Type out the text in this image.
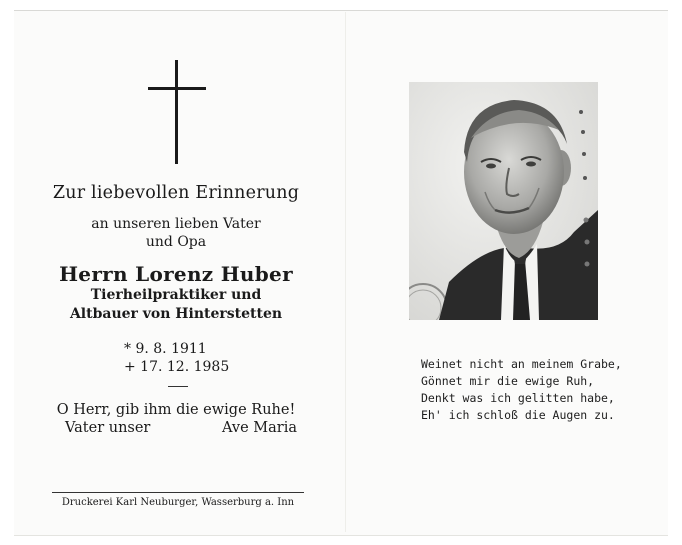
Zur liebevollen Erinnerung
an unseren lieben Vater
und Opa
Herrn Lorenz Huber
Tierheilpraktiker und
Altbauer von Hinterstetten
* 9. 8. 1911
+ 17. 12. 1985
O Herr, gib ihm die ewige Ruhe!
Vater unser	Ave Maria
Druckerei Karl Neuburger, Wasserburg a. Inn
Weinet nicht an meinem Grabe,
Gönnet mir die ewige Ruh,
Denkt was ich gelitten habe,
Eh' ich schloß die Augen zu.
